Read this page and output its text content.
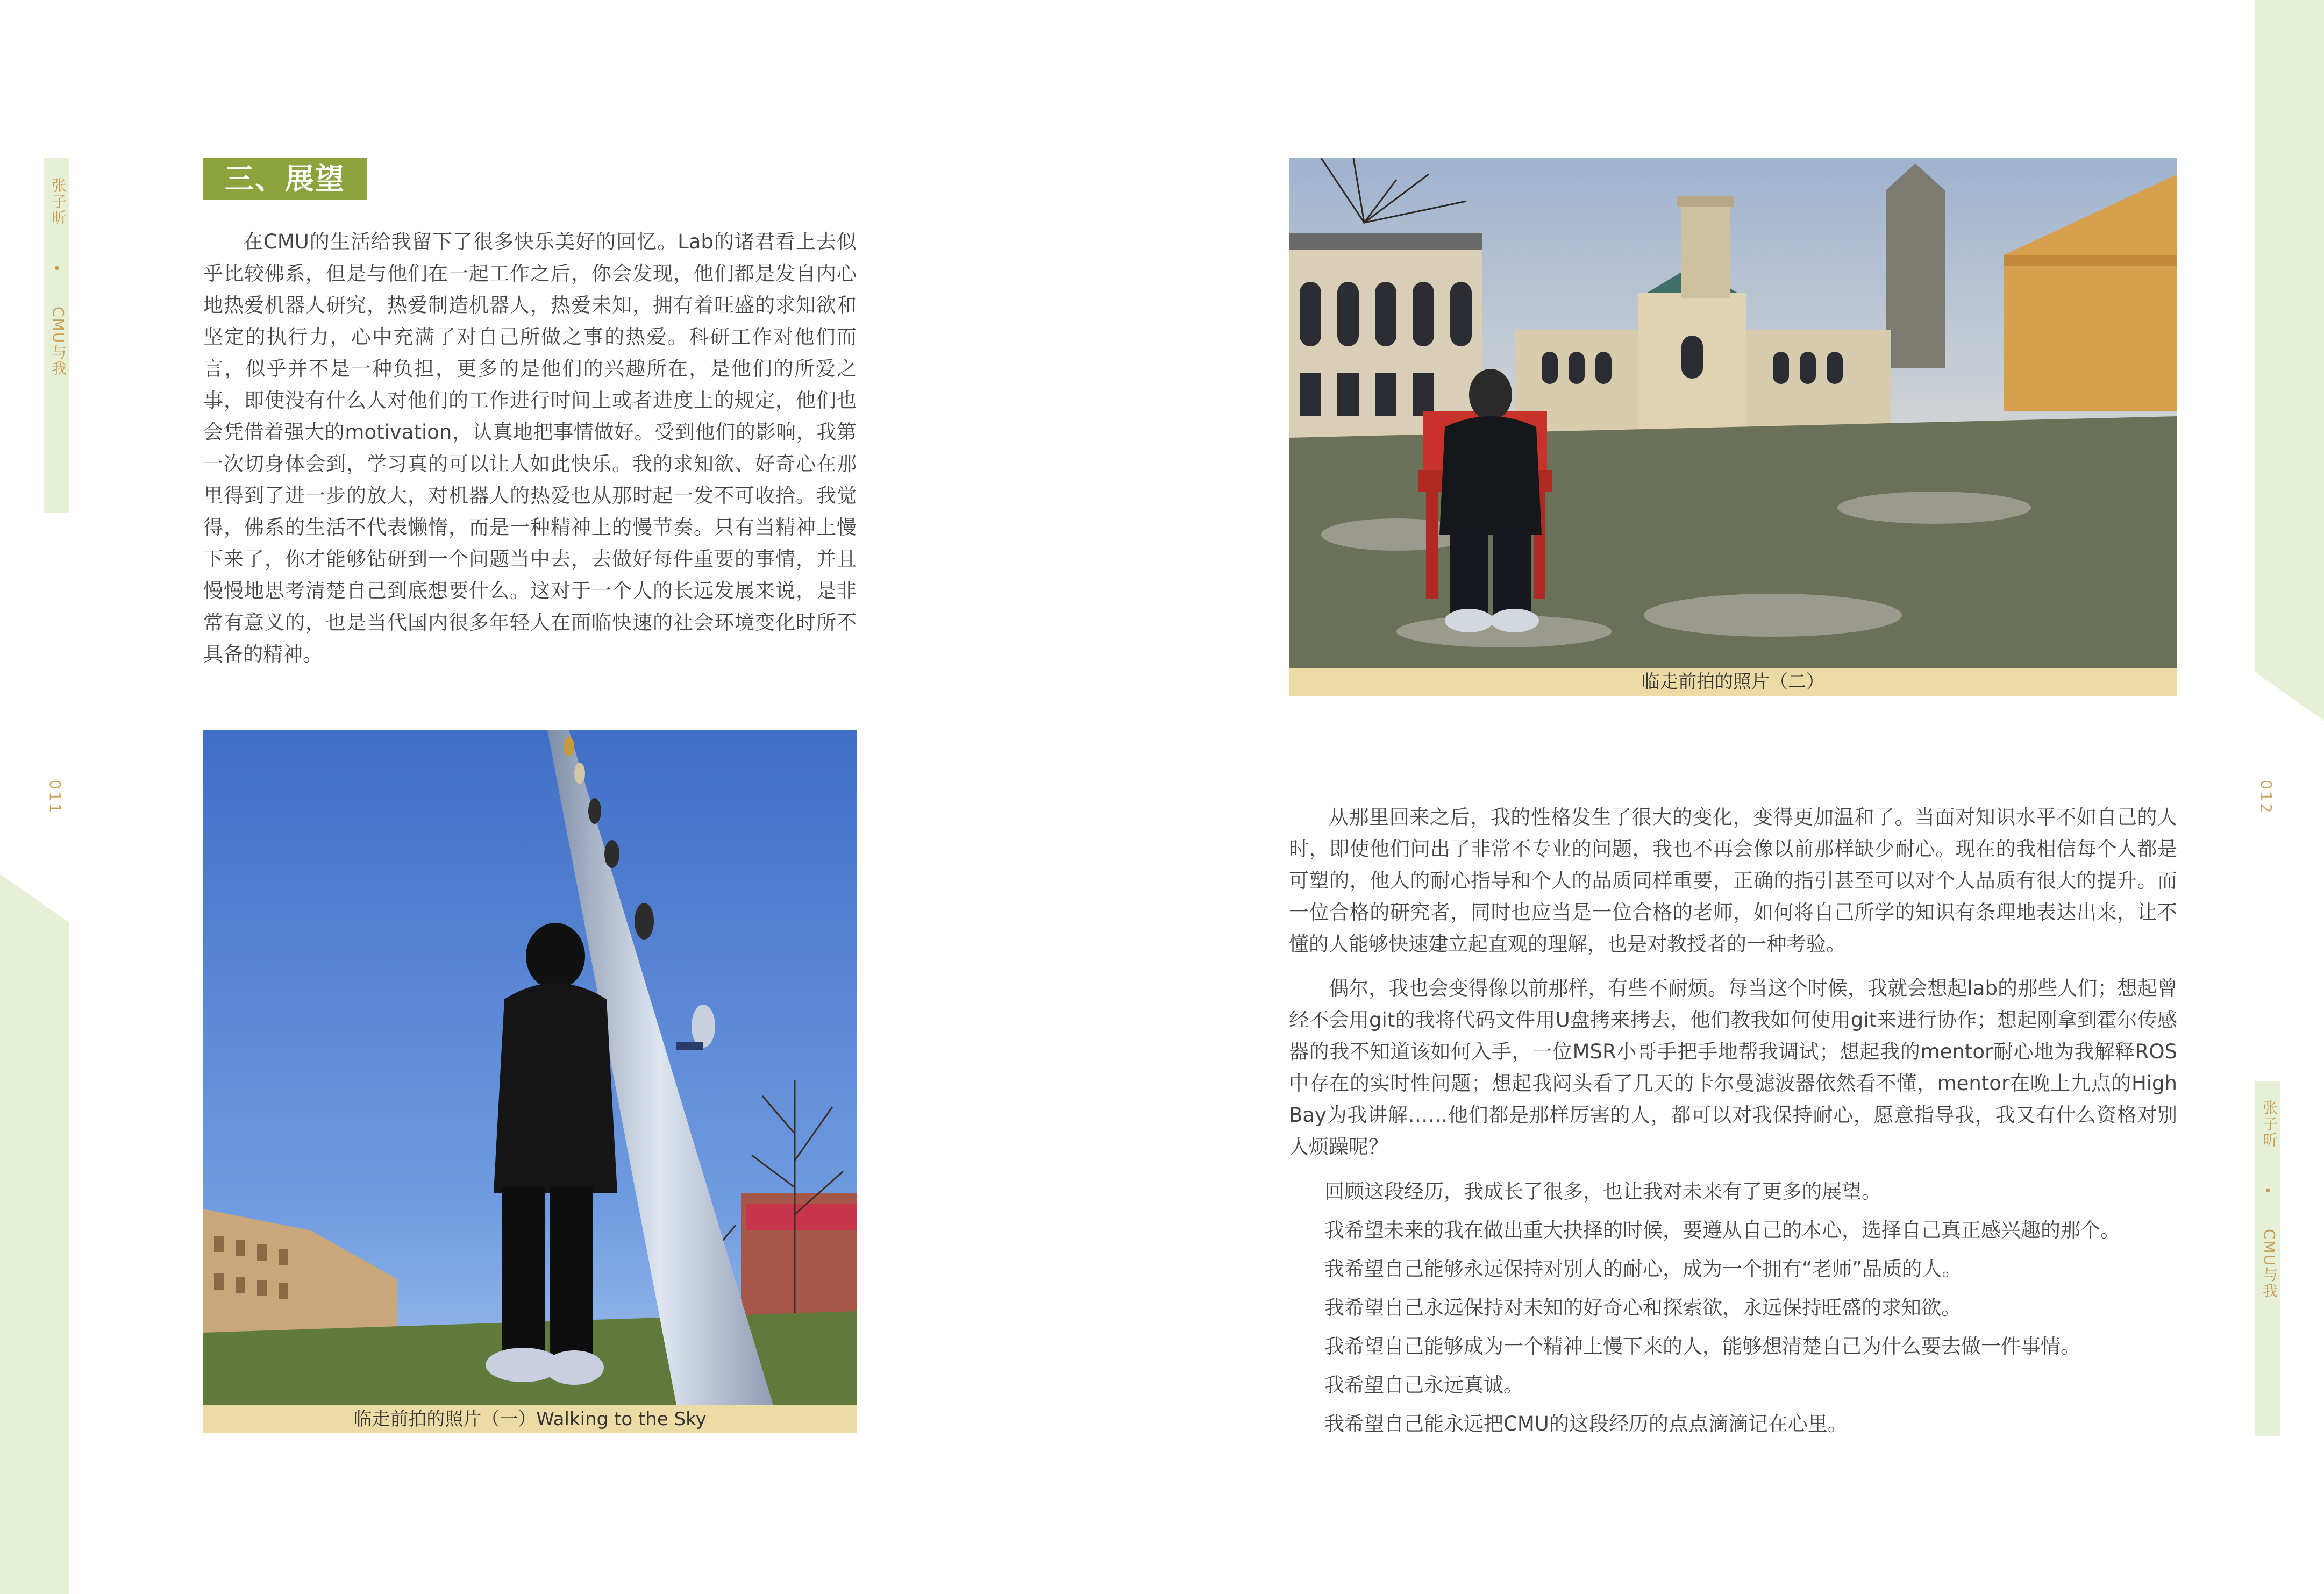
张子昕
•
CMU与我
011	012
张子昕
•
CMU与我
三、展望

在CMU的生活给我留下了很多快乐美好的回忆。Lab的诸君看上去似乎比较佛系，但是与他们在一起工作之后，你会发现，他们都是发自内心地热爱机器人研究，热爱制造机器人，热爱未知，拥有着旺盛的求知欲和坚定的执行力，心中充满了对自己所做之事的热爱。科研工作对他们而言，似乎并不是一种负担，更多的是他们的兴趣所在，是他们的所爱之事，即使没有什么人对他们的工作进行时间上或者进度上的规定，他们也会凭借着强大的motivation，认真地把事情做好。受到他们的影响，我第一次切身体会到，学习真的可以让人如此快乐。我的求知欲、好奇心在那里得到了进一步的放大，对机器人的热爱也从那时起一发不可收拾。我觉得，佛系的生活不代表懒惰，而是一种精神上的慢节奏。只有当精神上慢下来了，你才能够钻研到一个问题当中去，去做好每件重要的事情，并且慢慢地思考清楚自己到底想要什么。这对于一个人的长远发展来说，是非常有意义的，也是当代国内很多年轻人在面临快速的社会环境变化时所不具备的精神。

临走前拍的照片（一）Walking to the Sky
临走前拍的照片（二）

从那里回来之后，我的性格发生了很大的变化，变得更加温和了。当面对知识水平不如自己的人时，即使他们问出了非常不专业的问题，我也不再会像以前那样缺少耐心。现在的我相信每个人都是可塑的，他人的耐心指导和个人的品质同样重要，正确的指引甚至可以对个人品质有很大的提升。而一位合格的研究者，同时也应当是一位合格的老师，如何将自己所学的知识有条理地表达出来，让不懂的人能够快速建立起直观的理解，也是对教授者的一种考验。

偶尔，我也会变得像以前那样，有些不耐烦。每当这个时候，我就会想起lab的那些人们；想起曾经不会用git的我将代码文件用U盘拷来拷去，他们教我如何使用git来进行协作；想起刚拿到霍尔传感器的我不知道该如何入手，一位MSR小哥手把手地帮我调试；想起我的mentor耐心地为我解释ROS中存在的实时性问题；想起我闷头看了几天的卡尔曼滤波器依然看不懂，mentor在晚上九点的High Bay为我讲解……他们都是那样厉害的人，都可以对我保持耐心，愿意指导我，我又有什么资格对别人烦躁呢？

回顾这段经历，我成长了很多，也让我对未来有了更多的展望。
我希望未来的我在做出重大抉择的时候，要遵从自己的本心，选择自己真正感兴趣的那个。
我希望自己能够永远保持对别人的耐心，成为一个拥有“老师”品质的人。
我希望自己永远保持对未知的好奇心和探索欲，永远保持旺盛的求知欲。
我希望自己能够成为一个精神上慢下来的人，能够想清楚自己为什么要去做一件事情。
我希望自己永远真诚。
我希望自己能永远把CMU的这段经历的点点滴滴记在心里。
